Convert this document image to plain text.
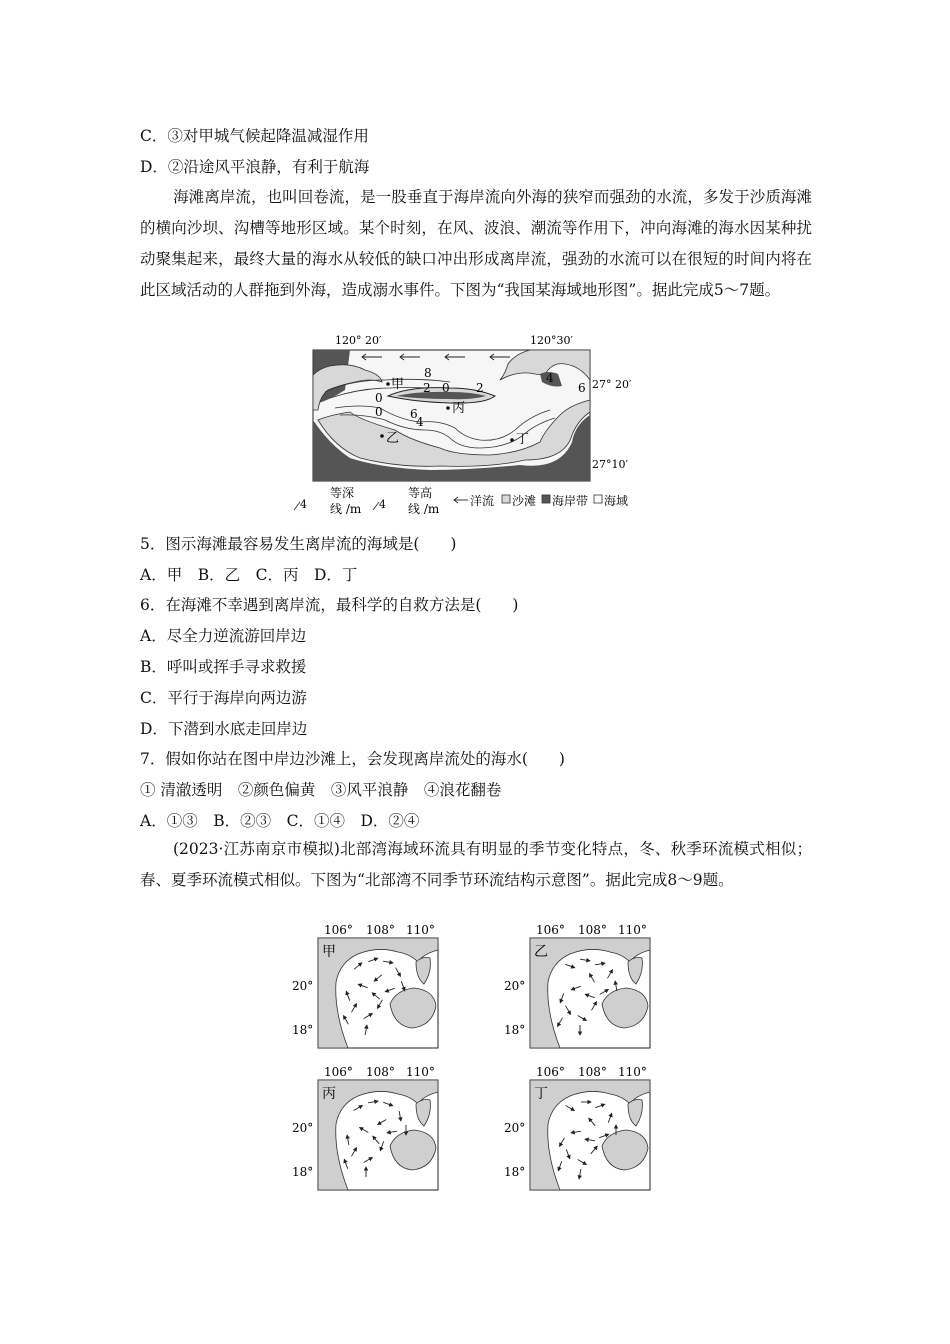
C．③对甲城气候起降温减湿作用
D．②沿途风平浪静，有利于航海
海滩离岸流，也叫回卷流，是一股垂直于海岸流向外海的狭窄而强劲的水流，多发于沙质海滩的横向沙坝、沟槽等地形区域。某个时刻，在风、波浪、潮流等作用下，冲向海滩的海水因某种扰动聚集起来，最终大量的海水从较低的缺口冲出形成离岸流，强劲的水流可以在很短的时间内将在此区域活动的人群拖到外海，造成溺水事件。下图为“我国某海域地形图”。据此完成5～7题。
120° 20′	120°30′
27° 20′
27°10′
8
0
2 0 2
0 6
4
4
6
甲
乙
丙
丁
4
等深
线 /m 4
等高
线 /m
洋流 沙滩 海岸带 海域
5．图示海滩最容易发生离岸流的海域是(　　)
A．甲　B．乙　C．丙　D．丁
6．在海滩不幸遇到离岸流，最科学的自救方法是(　　)
A．尽全力逆流游回岸边
B．呼叫或挥手寻求救援
C．平行于海岸向两边游
D．下潜到水底走回岸边
7．假如你站在图中岸边沙滩上，会发现离岸流处的海水(　　)
① 清澈透明　②颜色偏黄　③风平浪静　④浪花翻卷
A．①③　B．②③　C．①④　D．②④
(2023·江苏南京市模拟)北部湾海域环流具有明显的季节变化特点，冬、秋季环流模式相似；春、夏季环流模式相似。下图为“北部湾不同季节环流结构示意图”。据此完成8～9题。
106° 108° 110°
20°
18°
甲
106° 108° 110°
20°
18°
乙
106° 108° 110°
20°
18°
丙
106° 108° 110°
20°
18°
丁
